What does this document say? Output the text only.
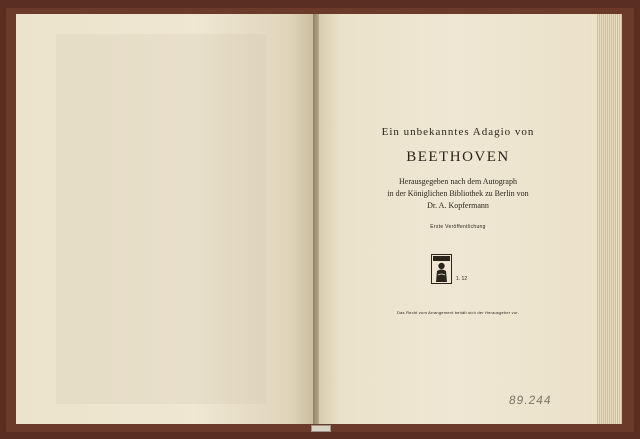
Ein unbekanntes Adagio von
BEETHOVEN
Herausgegeben nach dem Autograph
in der Königlichen Bibliothek zu Berlin von
Dr. A. Kopfermann
Erste Veröffentlichung
Das Recht zum Arrangement behält sich der Herausgeber vor.
1. 12
89.244
